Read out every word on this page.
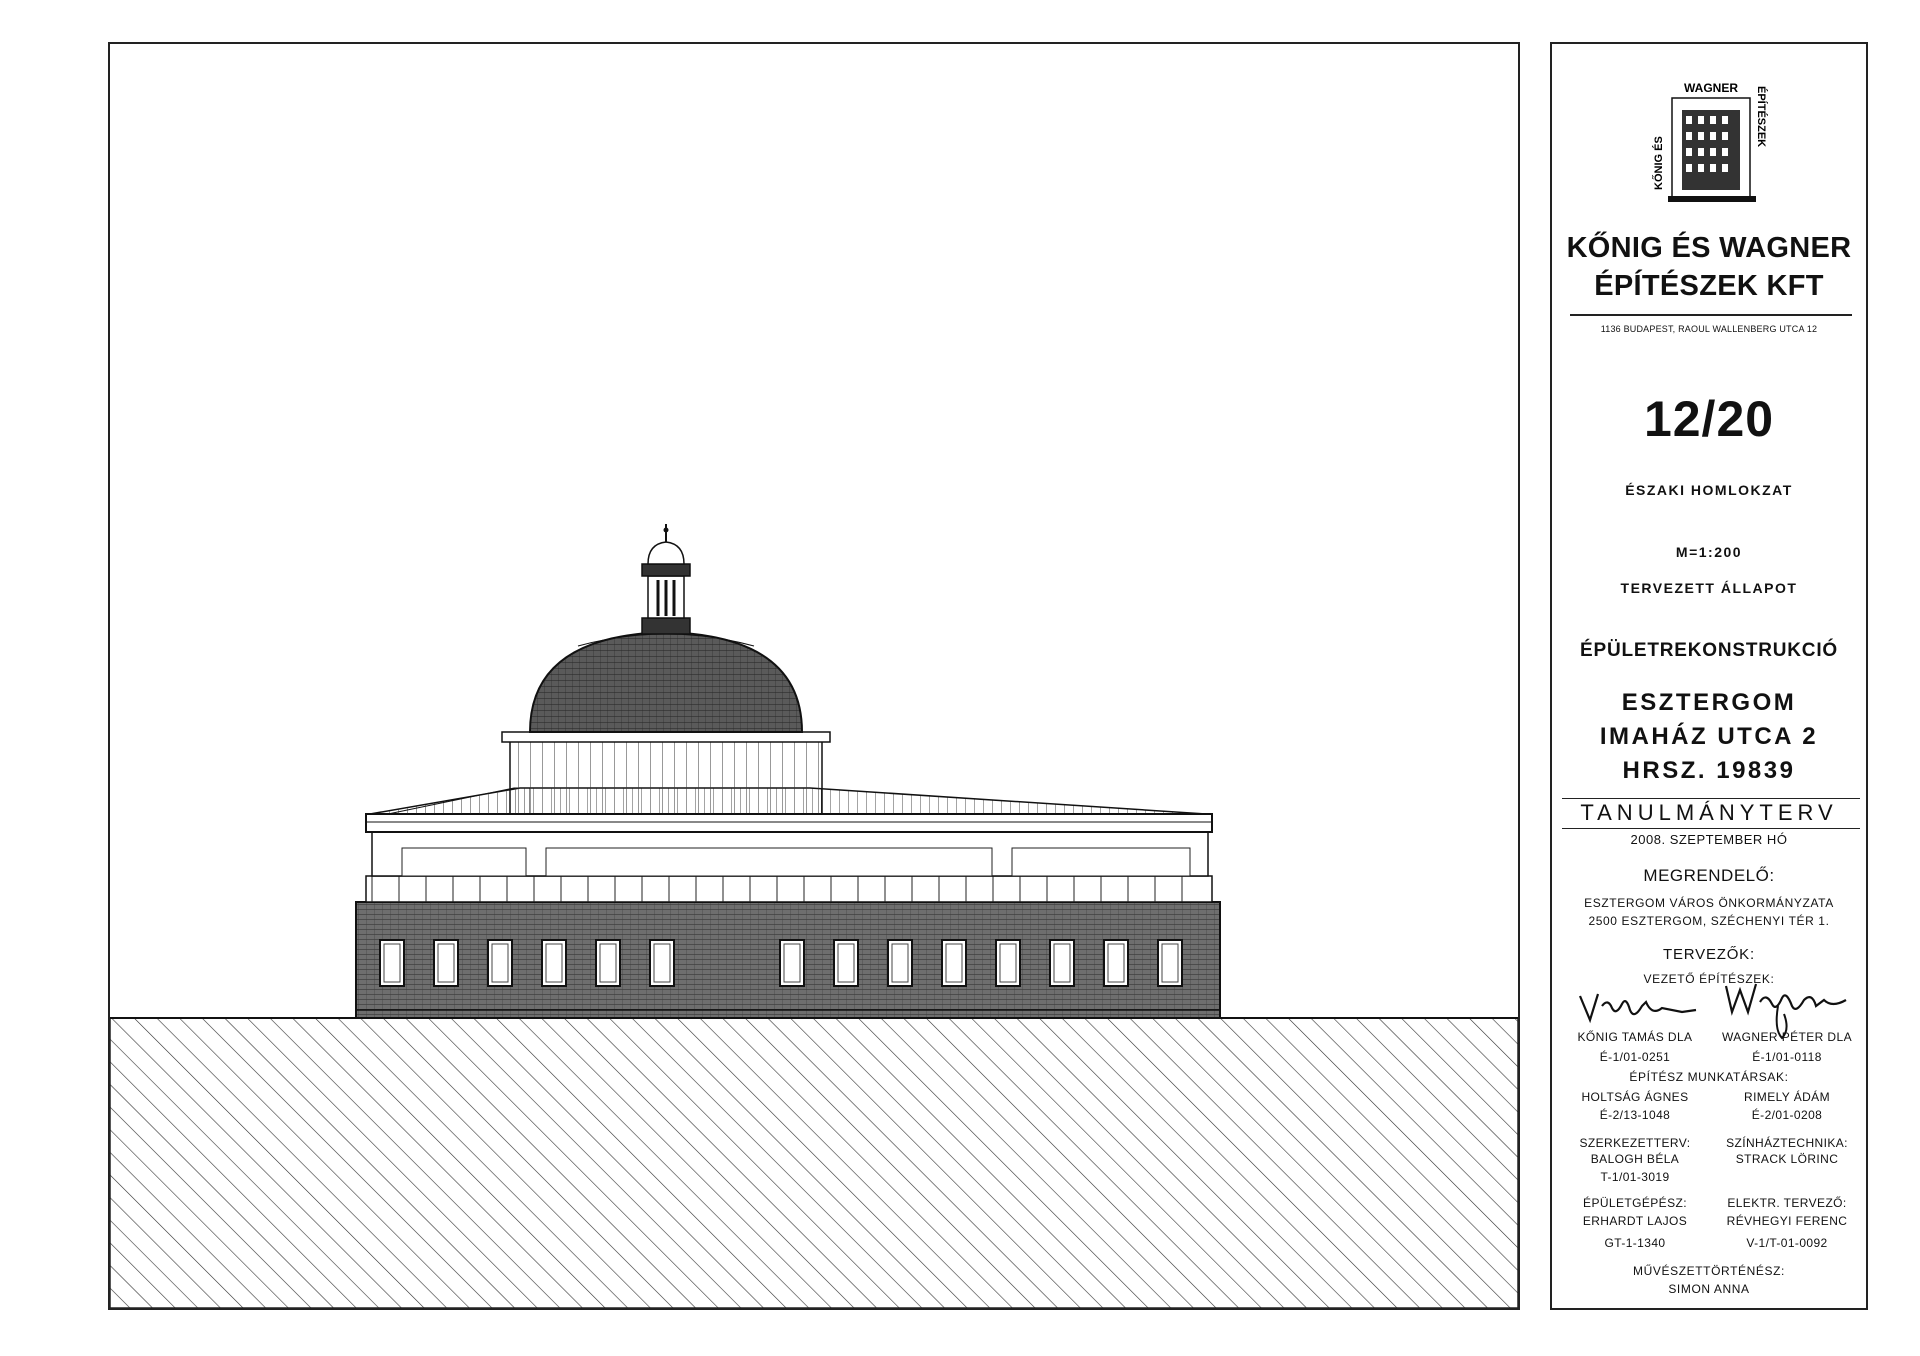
WAGNER
KŐNIG ÉS
ÉPÍTÉSZEK
KŐNIG ÉS WAGNER
ÉPÍTÉSZEK KFT
1136 BUDAPEST, RAOUL WALLENBERG UTCA 12
12/20
ÉSZAKI HOMLOKZAT
M=1:200
TERVEZETT ÁLLAPOT
ÉPÜLETREKONSTRUKCIÓ
ESZTERGOM
IMAHÁZ UTCA 2
HRSZ. 19839
TANULMÁNYTERV
2008. SZEPTEMBER HÓ
MEGRENDELŐ:
ESZTERGOM VÁROS ÖNKORMÁNYZATA
2500 ESZTERGOM, SZÉCHENYI TÉR 1.
TERVEZŐK:
VEZETŐ ÉPÍTÉSZEK:
KŐNIG TAMÁS DLA	WAGNER PÉTER DLA
É-1/01-0251	É-1/01-0118
ÉPÍTÉSZ MUNKATÁRSAK:
HOLTSÁG ÁGNES	RIMELY ÁDÁM
É-2/13-1048	É-2/01-0208
SZERKEZETTERV:	SZÍNHÁZTECHNIKA:
BALOGH BÉLA	STRACK LÖRINC
T-1/01-3019
ÉPÜLETGÉPÉSZ:	ELEKTR. TERVEZŐ:
ERHARDT LAJOS	RÉVHEGYI FERENC
GT-1-1340	V-1/T-01-0092
MŰVÉSZETTÖRTÉNÉSZ:
SIMON ANNA
